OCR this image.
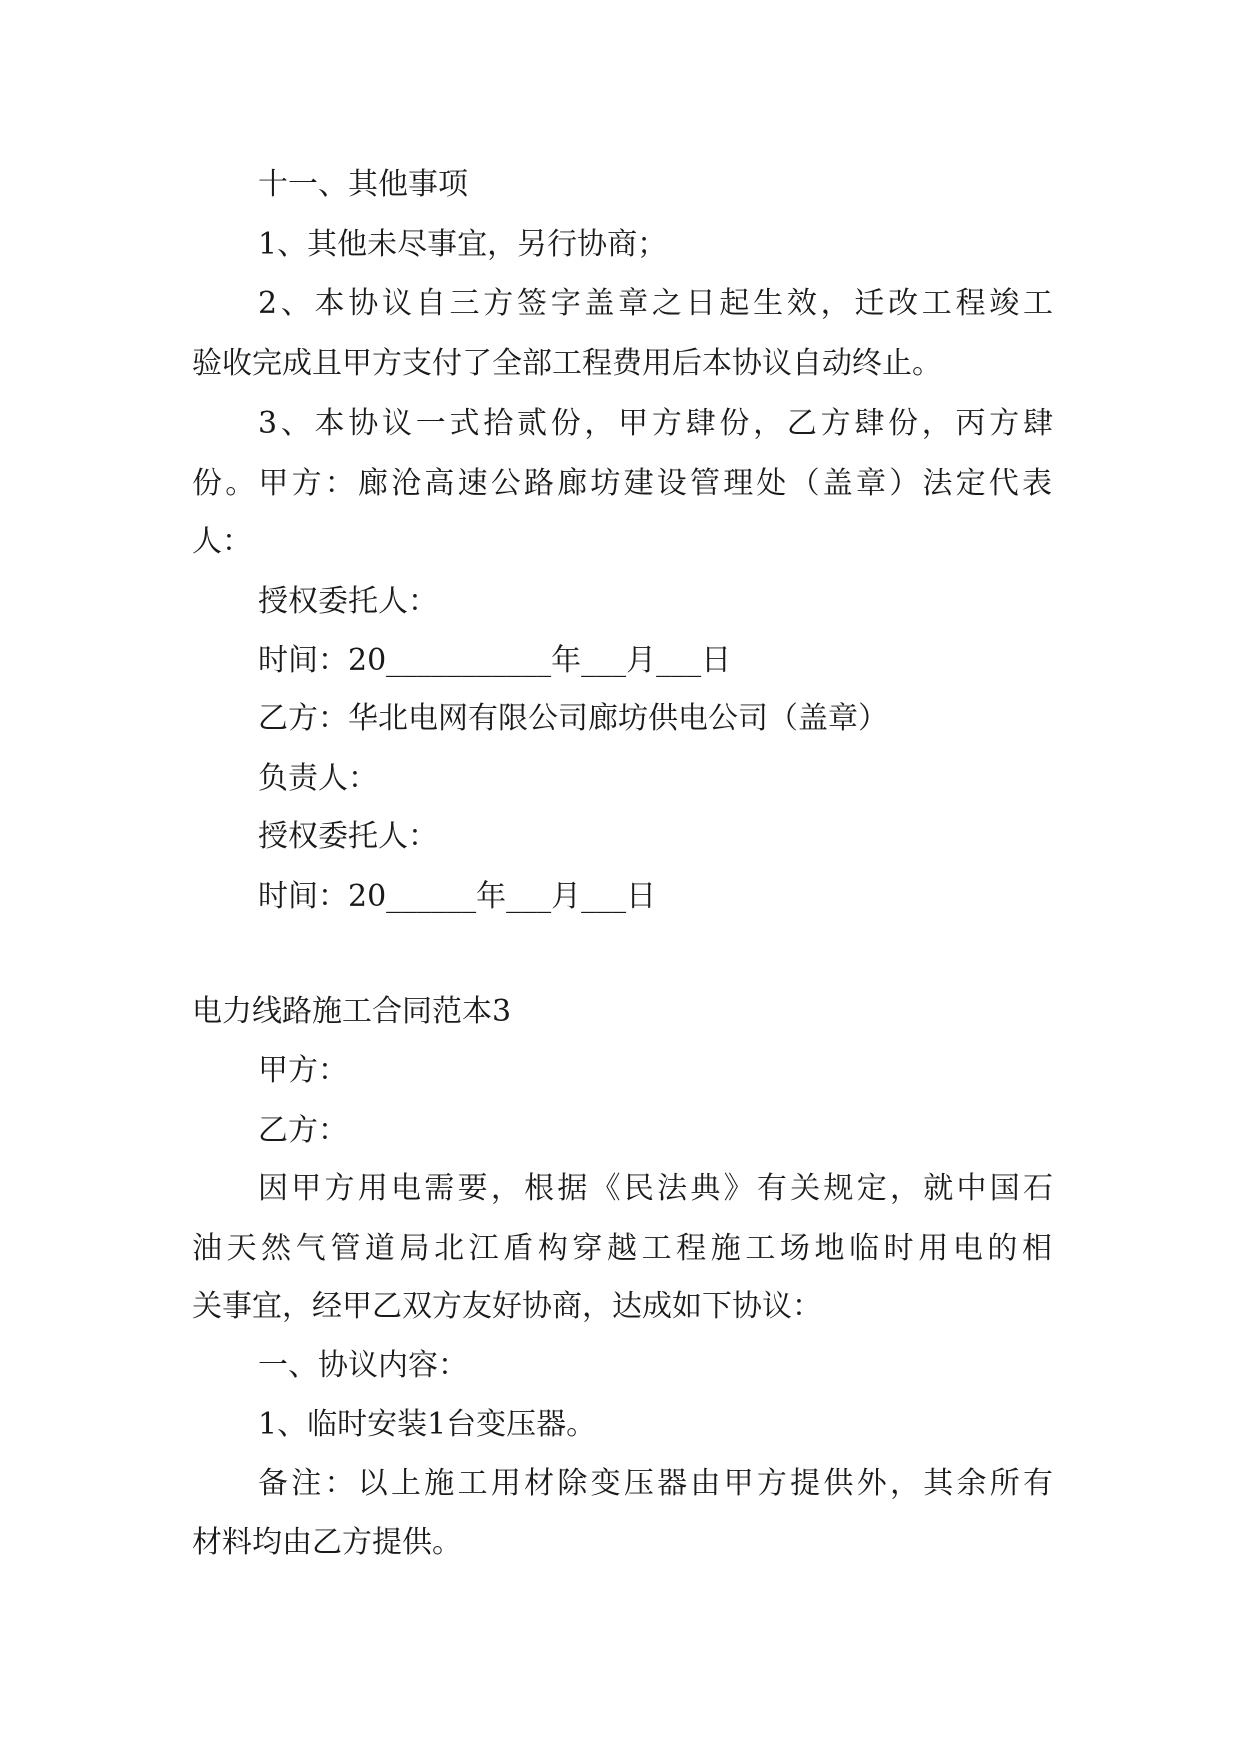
十一、其他事项
1、其他未尽事宜，另行协商；
2、本协议自三方签字盖章之日起生效，迁改工程竣工
验收完成且甲方支付了全部工程费用后本协议自动终止。
3、本协议一式拾贰份，甲方肆份，乙方肆份，丙方肆
份。甲方：廊沧高速公路廊坊建设管理处（盖章）法定代表
人：
授权委托人：
时间：20___________年___月___日
乙方：华北电网有限公司廊坊供电公司（盖章）
负责人：
授权委托人：
时间：20______年___月___日
电力线路施工合同范本3
甲方：
乙方：
因甲方用电需要，根据《民法典》有关规定，就中国石
油天然气管道局北江盾构穿越工程施工场地临时用电的相
关事宜，经甲乙双方友好协商，达成如下协议：
一、协议内容：
1、临时安装1台变压器。
备注：以上施工用材除变压器由甲方提供外，其余所有
材料均由乙方提供。
